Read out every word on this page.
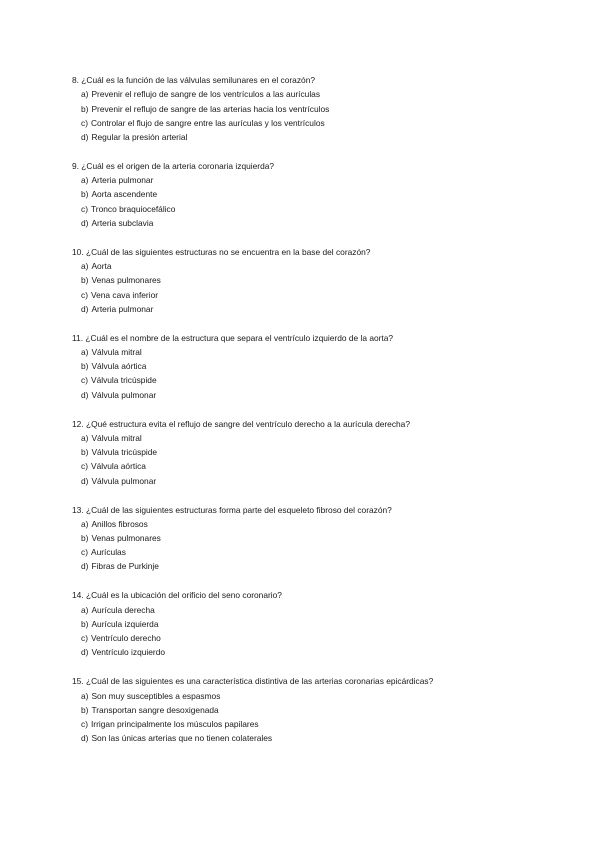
8. ¿Cuál es la función de las válvulas semilunares en el corazón?
a) Prevenir el reflujo de sangre de los ventrículos a las aurículas
b) Prevenir el reflujo de sangre de las arterias hacia los ventrículos
c) Controlar el flujo de sangre entre las aurículas y los ventrículos
d) Regular la presión arterial
9. ¿Cuál es el origen de la arteria coronaria izquierda?
a) Arteria pulmonar
b) Aorta ascendente
c) Tronco braquiocefálico
d) Arteria subclavia
10. ¿Cuál de las siguientes estructuras no se encuentra en la base del corazón?
a) Aorta
b) Venas pulmonares
c) Vena cava inferior
d) Arteria pulmonar
11. ¿Cuál es el nombre de la estructura que separa el ventrículo izquierdo de la aorta?
a) Válvula mitral
b) Válvula aórtica
c) Válvula tricúspide
d) Válvula pulmonar
12. ¿Qué estructura evita el reflujo de sangre del ventrículo derecho a la aurícula derecha?
a) Válvula mitral
b) Válvula tricúspide
c) Válvula aórtica
d) Válvula pulmonar
13. ¿Cuál de las siguientes estructuras forma parte del esqueleto fibroso del corazón?
a) Anillos fibrosos
b) Venas pulmonares
c) Aurículas
d) Fibras de Purkinje
14. ¿Cuál es la ubicación del orificio del seno coronario?
a) Aurícula derecha
b) Aurícula izquierda
c) Ventrículo derecho
d) Ventrículo izquierdo
15. ¿Cuál de las siguientes es una característica distintiva de las arterias coronarias epicárdicas?
a) Son muy susceptibles a espasmos
b) Transportan sangre desoxigenada
c) Irrigan principalmente los músculos papilares
d) Son las únicas arterias que no tienen colaterales
